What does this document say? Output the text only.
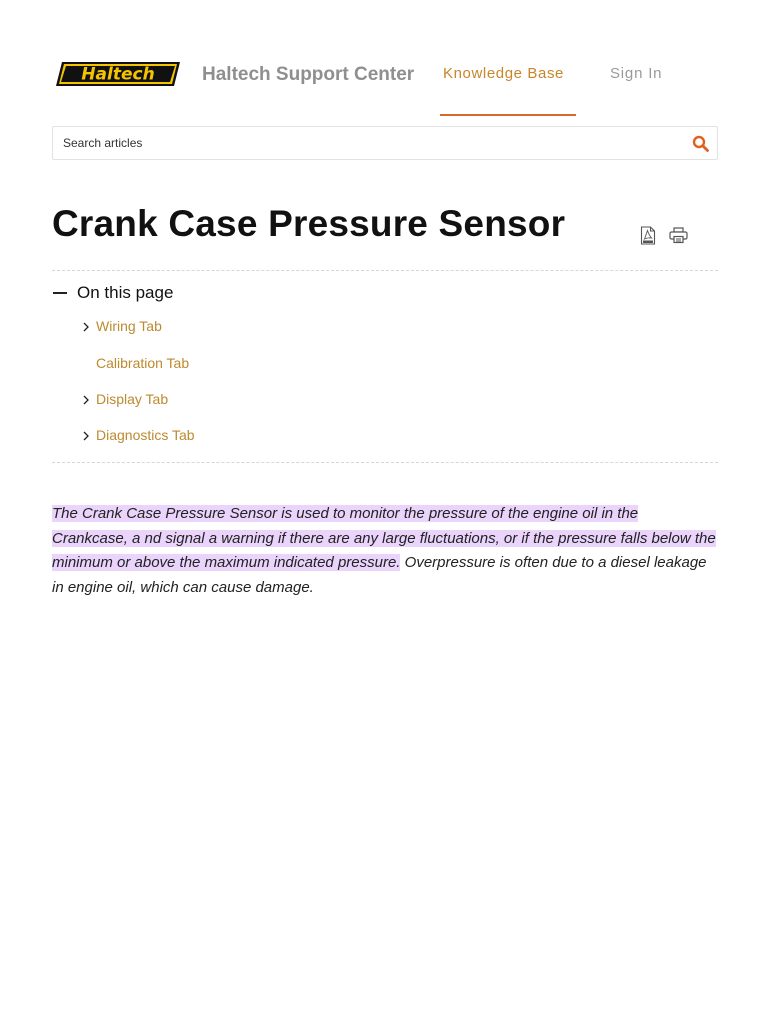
Haltech Haltech Support Center Knowledge Base	Sign In
Search articles
Crank Case Pressure Sensor
On this page
Wiring Tab
Calibration Tab
Display Tab
Diagnostics Tab

The Crank Case Pressure Sensor is used to monitor the pressure of the engine oil in the Crankcase, a nd signal a warning if there are any large fluctuations, or if the pressure falls below the minimum or above the maximum indicated pressure. Overpressure is often due to a diesel leakage in engine oil, which can cause damage.
